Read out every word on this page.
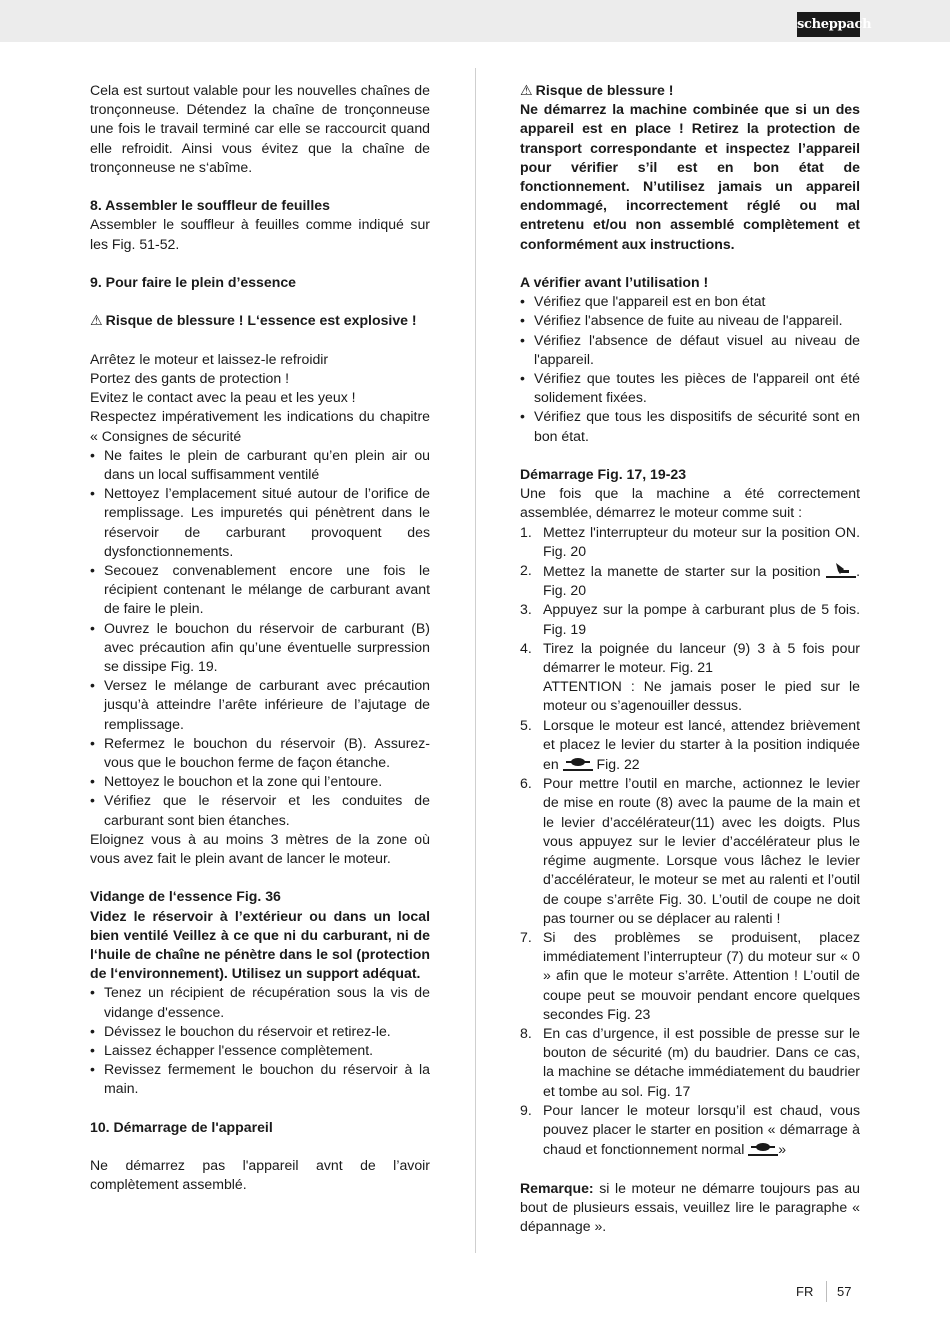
scheppach

Cela est surtout valable pour les nouvelles chaînes de tronçonneuse. Détendez la chaîne de tronçonneuse une fois le travail terminé car elle se raccourcit quand elle refroidit. Ainsi vous évitez que la chaîne de tronçonneuse ne s‘abîme.

8. Assembler le souffleur de feuilles

Assembler le souffleur à feuilles comme indiqué sur les Fig. 51-52.

9. Pour faire le plein d’essence

⚠ Risque de blessure ! L‘essence est explosive !

Arrêtez le moteur et laissez-le refroidir

Portez des gants de protection !

Evitez le contact avec la peau et les yeux !

Respectez impérativement les indications du chapitre « Consignes de sécurité

• Ne faites le plein de carburant qu’en plein air ou dans un local suffisamment ventilé
• Nettoyez l’emplacement situé autour de l’orifice de remplissage. Les impuretés qui pénètrent dans le réservoir de carburant provoquent des dysfonctionnements.
• Secouez convenablement encore une fois le récipient contenant le mélange de carburant avant de faire le plein.
• Ouvrez le bouchon du réservoir de carburant (B) avec précaution afin qu’une éventuelle surpression se dissipe Fig. 19.
• Versez le mélange de carburant avec précaution jusqu’à atteindre l’arête inférieure de l’ajutage de remplissage.
• Refermez le bouchon du réservoir (B). Assurez-vous que le bouchon ferme de façon étanche.
• Nettoyez le bouchon et la zone qui l’entoure.
• Vérifiez que le réservoir et les conduites de carburant sont bien étanches.

Eloignez vous à au moins 3 mètres de la zone où vous avez fait le plein avant de lancer le moteur.

Vidange de l‘essence Fig. 36

Videz le réservoir à l’extérieur ou dans un local bien ventilé Veillez à ce que ni du carburant, ni de l‘huile de chaîne ne pénètre dans le sol (protection de l‘environnement). Utilisez un support adéquat.

• Tenez un récipient de récupération sous la vis de vidange d'essence.
• Dévissez le bouchon du réservoir et retirez-le.
• Laissez échapper l'essence complètement.
• Revissez fermement le bouchon du réservoir à la main.

10. Démarrage de l'appareil

Ne démarrez pas l'appareil avnt de l’avoir complètement assemblé.

⚠ Risque de blessure !

Ne démarrez la machine combinée que si un des appareil est en place ! Retirez la protection de transport correspondante et inspectez l’appareil pour vérifier s’il est en bon état de fonctionnement. N’utilisez jamais un appareil endommagé, incorrectement réglé ou mal entretenu et/ou non assemblé complètement et conformément aux instructions.

A vérifier avant l’utilisation !

• Vérifiez que l'appareil est en bon état
• Vérifiez l'absence de fuite au niveau de l'appareil.
• Vérifiez l'absence de défaut visuel au niveau de l'appareil.
• Vérifiez que toutes les pièces de l'appareil ont été solidement fixées.
• Vérifiez que tous les dispositifs de sécurité sont en bon état.

Démarrage Fig. 17, 19-23

Une fois que la machine a été correctement assemblée, démarrez le moteur comme suit :

1. Mettez l'interrupteur du moteur sur la position ON. Fig. 20
2. Mettez la manette de starter sur la position	. Fig. 20
3. Appuyez sur la pompe à carburant plus de 5 fois. Fig. 19
4. Tirez la poignée du lanceur (9) 3 à 5 fois pour démarrer le moteur. Fig. 21
ATTENTION : Ne jamais poser le pied sur le moteur ou s’agenouiller dessus.
5. Lorsque le moteur est lancé, attendez brièvement et placez le levier du starter à la position indiquée en	Fig. 22
6. Pour mettre l’outil en marche, actionnez le levier de mise en route (8) avec la paume de la main et le levier d’accélérateur(11) avec les doigts. Plus vous appuyez sur le levier d’accélérateur plus le régime augmente. Lorsque vous lâchez le levier d’accélérateur, le moteur se met au ralenti et l’outil de coupe s’arrête Fig. 30. L’outil de coupe ne doit pas tourner ou se déplacer au ralenti !
7. Si des problèmes se produisent, placez immédiatement l’interrupteur (7) du moteur sur « 0 » afin que le moteur s’arrête. Attention ! L’outil de coupe peut se mouvoir pendant encore quelques secondes Fig. 23
8. En cas d’urgence, il est possible de presse sur le bouton de sécurité (m) du baudrier. Dans ce cas, la machine se détache immédiatement du baudrier et tombe au sol. Fig. 17
9. Pour lancer le moteur lorsqu’il est chaud, vous pouvez placer le starter en position « démarrage à chaud et fonctionnement normal »

Remarque: si le moteur ne démarre toujours pas au bout de plusieurs essais, veuillez lire le paragraphe « dépannage ».

FR 57
